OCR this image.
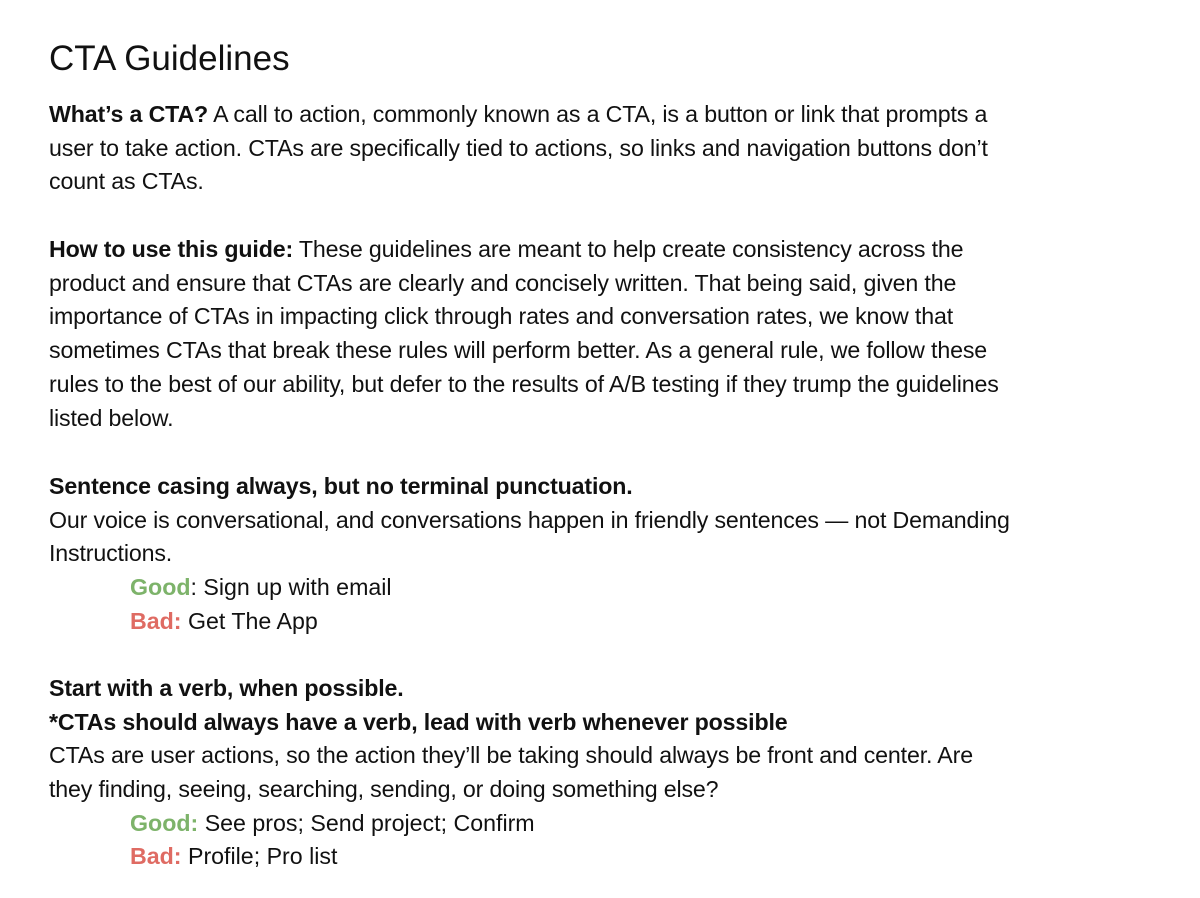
CTA Guidelines

What’s a CTA? A call to action, commonly known as a CTA, is a button or link that prompts a
user to take action. CTAs are specifically tied to actions, so links and navigation buttons don’t
count as CTAs.

How to use this guide: These guidelines are meant to help create consistency across the
product and ensure that CTAs are clearly and concisely written. That being said, given the
importance of CTAs in impacting click through rates and conversation rates, we know that
sometimes CTAs that break these rules will perform better. As a general rule, we follow these
rules to the best of our ability, but defer to the results of A/B testing if they trump the guidelines
listed below.

Sentence casing always, but no terminal punctuation.
Our voice is conversational, and conversations happen in friendly sentences — not Demanding
Instructions.

Good: Sign up with email

Bad: Get The App

Start with a verb, when possible.
*CTAs should always have a verb, lead with verb whenever possible
CTAs are user actions, so the action they’ll be taking should always be front and center. Are
they finding, seeing, searching, sending, or doing something else?

Good: See pros; Send project; Confirm

Bad: Profile; Pro list
